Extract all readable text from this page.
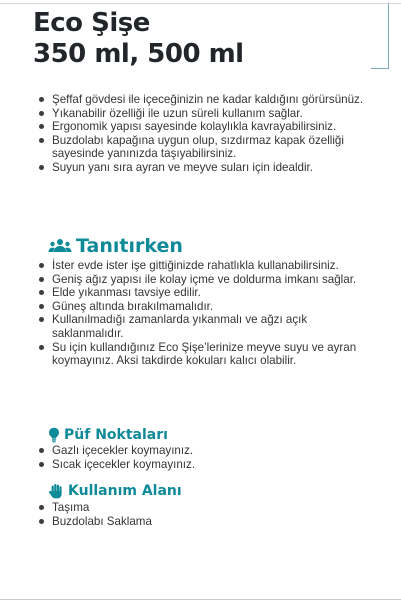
Eco Şişe
350 ml, 500 ml
Şeffaf gövdesi ile içeceğinizin ne kadar kaldığını görürsünüz.
Yıkanabilir özelliği ile uzun süreli kullanım sağlar.
Ergonomik yapısı sayesinde kolaylıkla kavrayabilirsiniz.
Buzdolabı kapağına uygun olup, sızdırmaz kapak özelliği sayesinde yanınızda taşıyabilirsiniz.
Suyun yanı sıra ayran ve meyve suları için idealdir.
Tanıtırken
İster evde ister işe gittiğinizde rahatlıkla kullanabilirsiniz.
Geniş ağız yapısı ile kolay içme ve doldurma imkanı sağlar.
Elde yıkanması tavsiye edilir.
Güneş altında bırakılmamalıdır.
Kullanılmadığı zamanlarda yıkanmalı ve ağzı açık saklanmalıdır.
Su için kullandığınız Eco Şişe’lerinize meyve suyu ve ayran koymayınız. Aksi takdirde kokuları kalıcı olabilir.
Püf Noktaları
Gazlı içecekler koymayınız.
Sıcak içecekler koymayınız.
Kullanım Alanı
Taşıma
Buzdolabı Saklama
